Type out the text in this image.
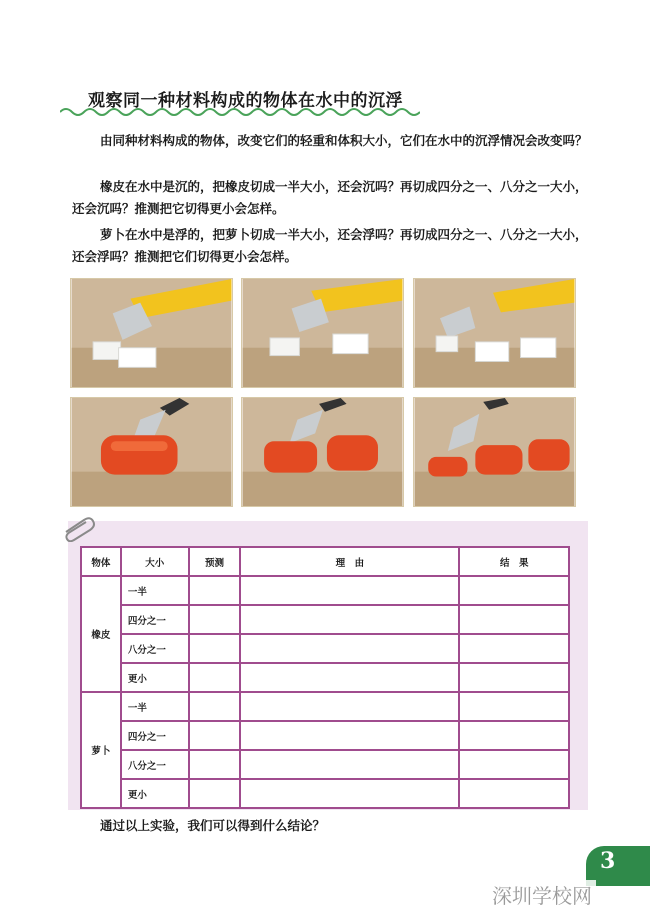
观察同一种材料构成的物体在水中的沉浮

由同种材料构成的物体，改变它们的轻重和体积大小，它们在水中的沉浮情况会改变吗？

橡皮在水中是沉的，把橡皮切成一半大小，还会沉吗？再切成四分之一、八分之一大小，还会沉吗？推测把它切得更小会怎样。

萝卜在水中是浮的，把萝卜切成一半大小，还会浮吗？再切成四分之一、八分之一大小，还会浮吗？推测把它们切得更小会怎样。

物体	大小	预测	理　由	结　果
橡皮	一半			
	四分之一			
	八分之一			
	更小			
萝卜	一半			
	四分之一			
	八分之一			
	更小			

通过以上实验，我们可以得到什么结论？

3
深圳学校网
